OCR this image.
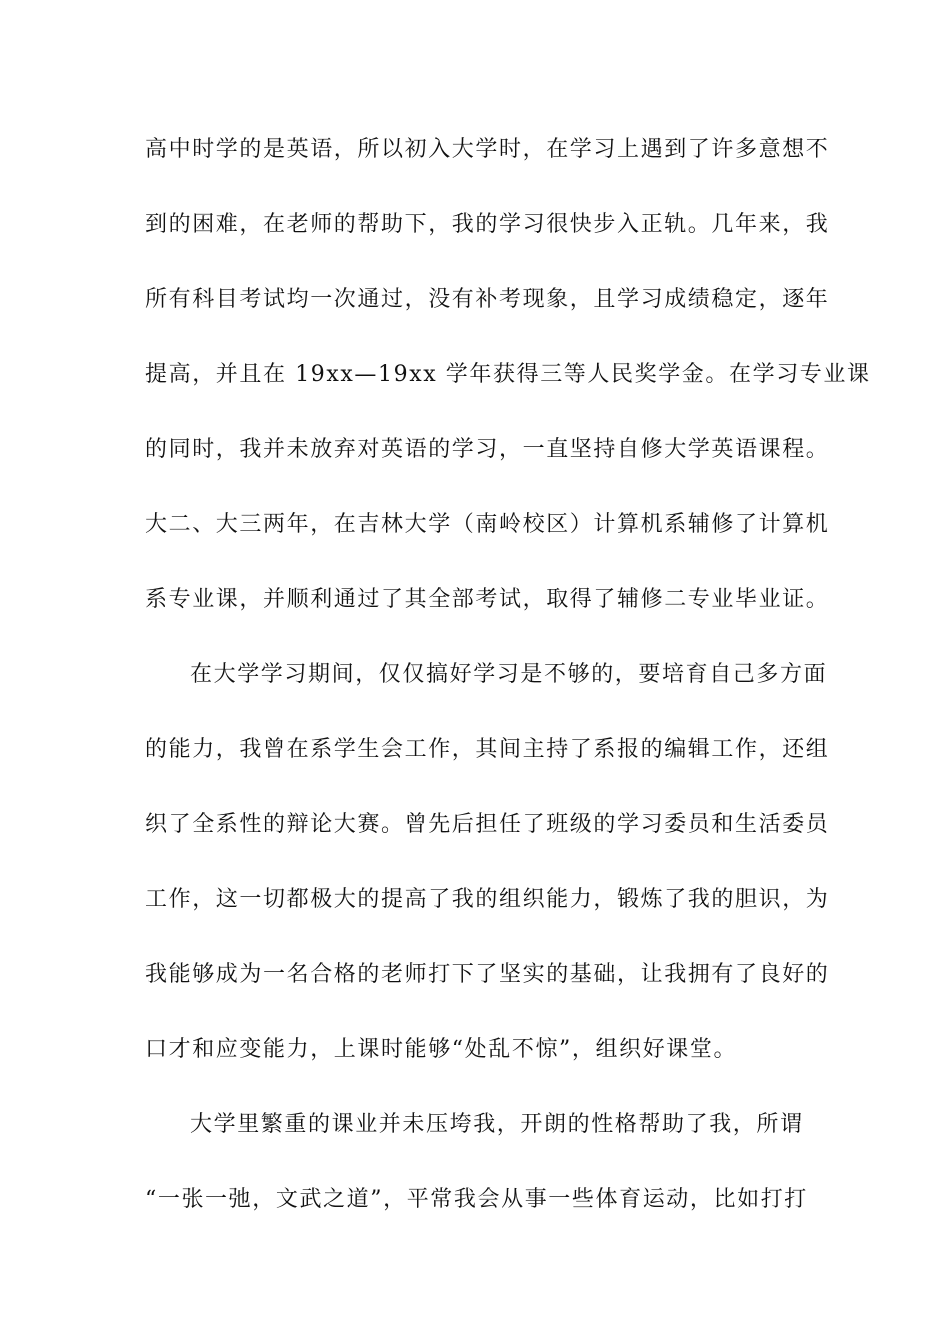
高中时学的是英语，所以初入大学时，在学习上遇到了许多意想不
到的困难，在老师的帮助下，我的学习很快步入正轨。几年来，我
所有科目考试均一次通过，没有补考现象，且学习成绩稳定，逐年
提高，并且在 19xx—19xx 学年获得三等人民奖学金。在学习专业课
的同时，我并未放弃对英语的学习，一直坚持自修大学英语课程。
大二、大三两年，在吉林大学（南岭校区）计算机系辅修了计算机
系专业课，并顺利通过了其全部考试，取得了辅修二专业毕业证。
在大学学习期间，仅仅搞好学习是不够的，要培育自己多方面
的能力，我曾在系学生会工作，其间主持了系报的编辑工作，还组
织了全系性的辩论大赛。曾先后担任了班级的学习委员和生活委员
工作，这一切都极大的提高了我的组织能力，锻炼了我的胆识，为
我能够成为一名合格的老师打下了坚实的基础，让我拥有了良好的
口才和应变能力，上课时能够“处乱不惊”，组织好课堂。
大学里繁重的课业并未压垮我，开朗的性格帮助了我，所谓
“一张一弛，文武之道”，平常我会从事一些体育运动，比如打打
